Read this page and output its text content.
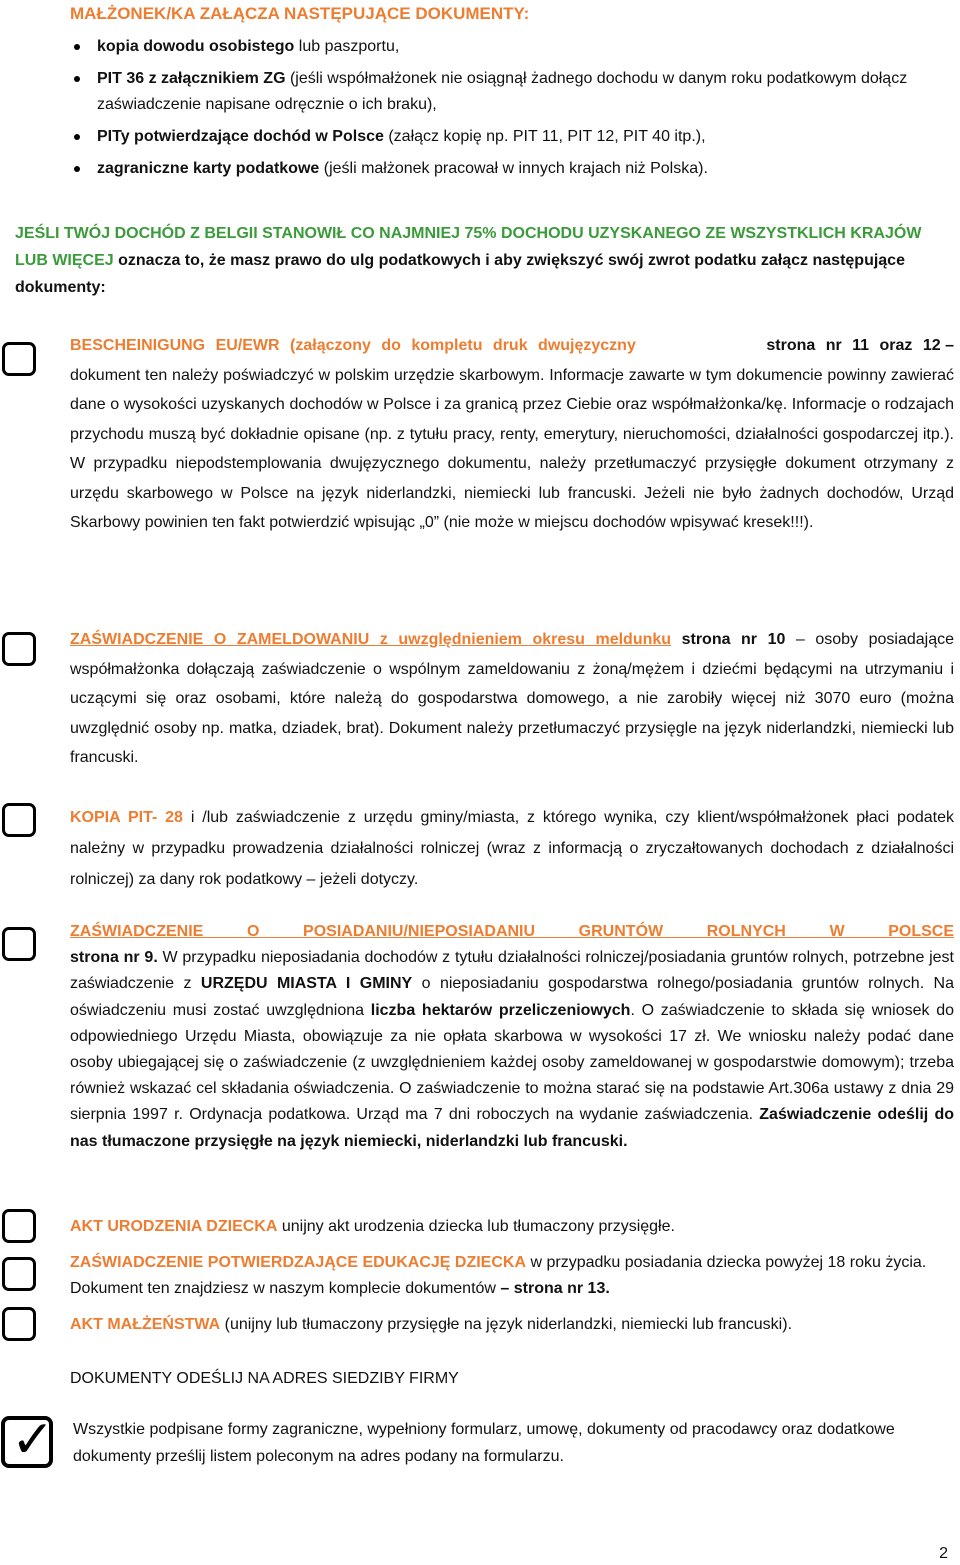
MAŁŻONEK/KA ZAŁĄCZA NASTĘPUJĄCE DOKUMENTY:
kopia dowodu osobistego lub paszportu,
PIT 36 z załącznikiem ZG (jeśli współmałżonek nie osiągnął żadnego dochodu w danym roku podatkowym dołącz zaświadczenie napisane odręcznie o ich braku),
PITy potwierdzające dochód w Polsce (załącz kopię np. PIT 11, PIT 12, PIT 40 itp.),
zagraniczne karty podatkowe (jeśli małżonek pracował w innych krajach niż Polska).
JEŚLI TWÓJ DOCHÓD Z BELGII STANOWIŁ CO NAJMNIEJ 75% DOCHODU UZYSKANEGO ZE WSZYSTKLICH KRAJÓW LUB WIĘCEJ oznacza to, że masz prawo do ulg podatkowych i aby zwiększyć swój zwrot podatku załącz następujące dokumenty:
BESCHEINIGUNG EU/EWR (załączony do kompletu druk dwujęzyczny	strona nr 11 oraz 12 –
dokument ten należy poświadczyć w polskim urzędzie skarbowym. Informacje zawarte w tym dokumencie powinny zawierać dane o wysokości uzyskanych dochodów w Polsce i za granicą przez Ciebie oraz współmałżonka/kę. Informacje o rodzajach przychodu muszą być dokładnie opisane (np. z tytułu pracy, renty, emerytury, nieruchomości, działalności gospodarczej itp.). W przypadku niepodstemplowania dwujęzycznego dokumentu, należy przetłumaczyć przysięgłe dokument otrzymany z urzędu skarbowego w Polsce na język niderlandzki, niemiecki lub francuski. Jeżeli nie było żadnych dochodów, Urząd Skarbowy powinien ten fakt potwierdzić wpisując „0” (nie może w miejscu dochodów wpisywać kresek!!!).
ZAŚWIADCZENIE O ZAMELDOWANIU z uwzględnieniem okresu meldunku strona nr 10 – osoby posiadające współmałżonka dołączają zaświadczenie o wspólnym zameldowaniu z żoną/mężem i dziećmi będącymi na utrzymaniu i uczącymi się oraz osobami, które należą do gospodarstwa domowego, a nie zarobiły więcej niż 3070 euro (można uwzględnić osoby np. matka, dziadek, brat). Dokument należy przetłumaczyć przysięgle na język niderlandzki, niemiecki lub francuski.
KOPIA PIT- 28 i /lub zaświadczenie z urzędu gminy/miasta, z którego wynika, czy klient/współmałżonek płaci podatek należny w przypadku prowadzenia działalności rolniczej (wraz z informacją o zryczałtowanych dochodach z działalności rolniczej) za dany rok podatkowy – jeżeli dotyczy.
ZAŚWIADCZENIE O POSIADANIU/NIEPOSIADANIU GRUNTÓW ROLNYCH W POLSCE
strona nr 9. W przypadku nieposiadania dochodów z tytułu działalności rolniczej/posiadania gruntów rolnych, potrzebne jest zaświadczenie z URZĘDU MIASTA I GMINY o nieposiadaniu gospodarstwa rolnego/posiadania gruntów rolnych. Na oświadczeniu musi zostać uwzględniona liczba hektarów przeliczeniowych. O zaświadczenie to składa się wniosek do odpowiedniego Urzędu Miasta, obowiązuje za nie opłata skarbowa w wysokości 17 zł. We wniosku należy podać dane osoby ubiegającej się o zaświadczenie (z uwzględnieniem każdej osoby zameldowanej w gospodarstwie domowym); trzeba również wskazać cel składania oświadczenia. O zaświadczenie to można starać się na podstawie Art.306a ustawy z dnia 29 sierpnia 1997 r. Ordynacja podatkowa. Urząd ma 7 dni roboczych na wydanie zaświadczenia. Zaświadczenie odeślij do nas tłumaczone przysięgłe na język niemiecki, niderlandzki lub francuski.
AKT URODZENIA DZIECKA unijny akt urodzenia dziecka lub tłumaczony przysięgłe.
ZAŚWIADCZENIE POTWIERDZAJĄCE EDUKACJĘ DZIECKA w przypadku posiadania dziecka powyżej 18 roku życia. Dokument ten znajdziesz w naszym komplecie dokumentów – strona nr 13.
AKT MAŁŻEŃSTWA (unijny lub tłumaczony przysięgłe na język niderlandzki, niemiecki lub francuski).
DOKUMENTY ODEŚLIJ NA ADRES SIEDZIBY FIRMY
✓ Wszystkie podpisane formy zagraniczne, wypełniony formularz, umowę, dokumenty od pracodawcy oraz dodatkowe dokumenty prześlij listem poleconym na adres podany na formularzu.
2
